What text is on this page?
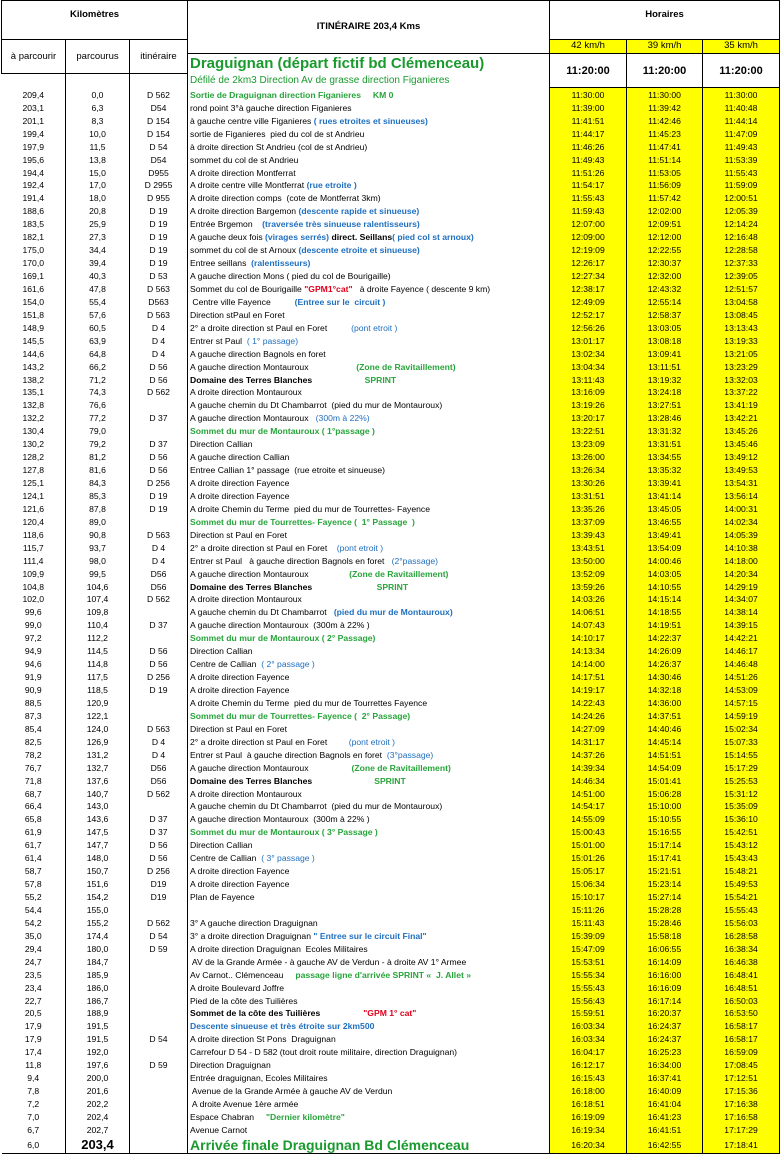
Kilomètres			ITINÉRAIRE 203,4 Kms	Horaires		
à parcourir	parcourus	itinéraire		42 km/h	39 km/h	35 km/h
			Draguignan (départ fictif bd Clémenceau)	11:20:00	11:20:00	11:20:00
			Défilé de 2km3 Direction Av de grasse direction Figanieres			
209,4	0,0	D 562	Sortie de Draguignan direction Figanieres     KM 0	11:30:00	11:30:00	11:30:00
203,1	6,3	D54	rond point 3°à gauche direction Figanieres	11:39:00	11:39:42	11:40:48
201,1	8,3	D 154	à gauche centre ville Figanieres ( rues etroites et sinueuses)	11:41:51	11:42:46	11:44:14
199,4	10,0	D 154	sortie de Figanieres  pied du col de st Andrieu	11:44:17	11:45:23	11:47:09
197,9	11,5	D 54	à droite direction St Andrieu (col de st Andrieu)	11:46:26	11:47:41	11:49:43
195,6	13,8	D54	sommet du col de st Andrieu	11:49:43	11:51:14	11:53:39
194,4	15,0	D955	A droite direction Montferrat	11:51:26	11:53:05	11:55:43
192,4	17,0	D 2955	A droite centre ville Montferrat (rue etroite )	11:54:17	11:56:09	11:59:09
191,4	18,0	D 955	A droite direction comps  (cote de Montferrat 3km)	11:55:43	11:57:42	12:00:51
188,6	20,8	D 19	A droite direction Bargemon (descente rapide et sinueuse)	11:59:43	12:02:00	12:05:39
183,5	25,9	D 19	Entrée Brgemon    (traversée très sinueuse ralentisseurs)	12:07:00	12:09:51	12:14:24
182,1	27,3	D 19	A gauche deux fois (virages serrés) direct. Seillans( pied col st arnoux)	12:09:00	12:12:00	12:16:48
175,0	34,4	D 19	sommet du col de st Arnoux (descente etroite et sinueuse)	12:19:09	12:22:55	12:28:58
170,0	39,4	D 19	Entree seillans  (ralentisseurs)	12:26:17	12:30:37	12:37:33
169,1	40,3	D 53	A gauche direction Mons ( pied du col de Bourigaille)	12:27:34	12:32:00	12:39:05
161,6	47,8	D 563	Sommet du col de Bourigaille "GPM1°cat"   à droite Fayence ( descente 9 km)	12:38:17	12:43:32	12:51:57
154,0	55,4	D563	Centre ville Fayence          (Entree sur le  circuit )	12:49:09	12:55:14	13:04:58
151,8	57,6	D 563	Direction stPaul en Foret	12:52:17	12:58:37	13:08:45
148,9	60,5	D 4	2° a droite direction st Paul en Foret          (pont etroit )	12:56:26	13:03:05	13:13:43
145,5	63,9	D 4	Entrer st Paul  ( 1° passage)	13:01:17	13:08:18	13:19:33
144,6	64,8	D 4	A gauche direction Bagnols en foret	13:02:34	13:09:41	13:21:05
143,2	66,2	D 56	A gauche direction Montauroux                    (Zone de Ravitaillement)	13:04:34	13:11:51	13:23:29
138,2	71,2	D 56	Domaine des Terres Blanches                      SPRINT	13:11:43	13:19:32	13:32:03
135,1	74,3	D 562	A droite direction Montauroux	13:16:09	13:24:18	13:37:22
132,8	76,6		A gauche chemin du Dt Chambarrot  (pied du mur de Montauroux)	13:19:26	13:27:51	13:41:19
132,2	77,2	D 37	A gauche direction Montauroux   (300m à 22%)	13:20:17	13:28:46	13:42:21
130,4	79,0		Sommet du mur de Montauroux ( 1°passage )	13:22:51	13:31:32	13:45:26
130,2	79,2	D 37	Direction Callian	13:23:09	13:31:51	13:45:46
128,2	81,2	D 56	A gauche direction Callian	13:26:00	13:34:55	13:49:12
127,8	81,6	D 56	Entree Callian 1° passage  (rue etroite et sinueuse)	13:26:34	13:35:32	13:49:53
125,1	84,3	D 256	A droite direction Fayence	13:30:26	13:39:41	13:54:31
124,1	85,3	D 19	A droite direction Fayence	13:31:51	13:41:14	13:56:14
121,6	87,8	D 19	A droite Chemin du Terme  pied du mur de Tourrettes- Fayence	13:35:26	13:45:05	14:00:31
120,4	89,0		Sommet du mur de Tourrettes- Fayence (  1° Passage  )	13:37:09	13:46:55	14:02:34
118,6	90,8	D 563	Direction st Paul en Foret	13:39:43	13:49:41	14:05:39
115,7	93,7	D 4	2° a droite direction st Paul en Foret    (pont etroit )	13:43:51	13:54:09	14:10:38
111,4	98,0	D 4	Entrer st Paul   à gauche direction Bagnols en foret   (2°passage)	13:50:00	14:00:46	14:18:00
109,9	99,5	D56	A gauche direction Montauroux                 (Zone de Ravitaillement)	13:52:09	14:03:05	14:20:34
104,8	104,6	D56	Domaine des Terres Blanches                           SPRINT	13:59:26	14:10:55	14:29:19
102,0	107,4	D 562	A droite direction Montauroux	14:03:26	14:15:14	14:34:07
99,6	109,8		A gauche chemin du Dt Chambarrot   (pied du mur de Montauroux)	14:06:51	14:18:55	14:38:14
99,0	110,4	D 37	A gauche direction Montauroux  (300m à 22% )	14:07:43	14:19:51	14:39:15
97,2	112,2		Sommet du mur de Montauroux ( 2° Passage)	14:10:17	14:22:37	14:42:21
94,9	114,5	D 56	Direction Callian	14:13:34	14:26:09	14:46:17
94,6	114,8	D 56	Centre de Callian  ( 2° passage )	14:14:00	14:26:37	14:46:48
91,9	117,5	D 256	A droite direction Fayence	14:17:51	14:30:46	14:51:26
90,9	118,5	D 19	A droite direction Fayence	14:19:17	14:32:18	14:53:09
88,5	120,9		A droite Chemin du Terme  pied du mur de Tourrettes Fayence	14:22:43	14:36:00	14:57:15
87,3	122,1		Sommet du mur de Tourrettes- Fayence (  2° Passage)	14:24:26	14:37:51	14:59:19
85,4	124,0	D 563	Direction st Paul en Foret	14:27:09	14:40:46	15:02:34
82,5	126,9	D 4	2° a droite direction st Paul en Foret         (pont etroit )	14:31:17	14:45:14	15:07:33
78,2	131,2	D 4	Entrer st Paul  à gauche direction Bagnols en foret  (3°passage)	14:37:26	14:51:51	15:14:55
76,7	132,7	D56	A gauche direction Montauroux                  (Zone de Ravitaillement)	14:39:34	14:54:09	15:17:29
71,8	137,6	D56	Domaine des Terres Blanches                          SPRINT	14:46:34	15:01:41	15:25:53
68,7	140,7	D 562	A droite direction Montauroux	14:51:00	15:06:28	15:31:12
66,4	143,0		A gauche chemin du Dt Chambarrot  (pied du mur de Montauroux)	14:54:17	15:10:00	15:35:09
65,8	143,6	D 37	A gauche direction Montauroux  (300m à 22% )	14:55:09	15:10:55	15:36:10
61,9	147,5	D 37	Sommet du mur de Montauroux ( 3° Passage )	15:00:43	15:16:55	15:42:51
61,7	147,7	D 56	Direction Callian	15:01:00	15:17:14	15:43:12
61,4	148,0	D 56	Centre de Callian  ( 3° passage )	15:01:26	15:17:41	15:43:43
58,7	150,7	D 256	A droite direction Fayence	15:05:17	15:21:51	15:48:21
57,8	151,6	D19	A droite direction Fayence	15:06:34	15:23:14	15:49:53
55,2	154,2	D19	Plan de Fayence	15:10:17	15:27:14	15:54:21
54,4	155,0			15:11:26	15:28:28	15:55:43
54,2	155,2	D 562	3° A gauche direction Draguignan	15:11:43	15:28:46	15:56:03
35,0	174,4	D 54	3° a droite direction Draguignan " Entree sur le circuit Final"	15:39:09	15:58:18	16:28:58
29,4	180,0	D 59	A droite direction Draguignan  Ecoles Militaires	15:47:09	16:06:55	16:38:34
24,7	184,7		AV de la Grande Armée - à gauche AV de Verdun - à droite AV 1° Armee	15:53:51	16:14:09	16:46:38
23,5	185,9		Av Carnot.. Clémenceau     passage ligne d'arrivée SPRINT «  J. Allet »	15:55:34	16:16:00	16:48:41
23,4	186,0		A droite Boulevard Joffre	15:55:43	16:16:09	16:48:51
22,7	186,7		Pied de la côte des Tuilières	15:56:43	16:17:14	16:50:03
20,5	188,9		Sommet de la côte des Tuilières                  "GPM 1° cat"	15:59:51	16:20:37	16:53:50
17,9	191,5		Descente sinueuse et très étroite sur 2km500	16:03:34	16:24:37	16:58:17
17,9	191,5	D 54	A droite direction St Pons  Draguignan	16:03:34	16:24:37	16:58:17
17,4	192,0		Carrefour D 54 - D 582 (tout droit route militaire, direction Draguignan)	16:04:17	16:25:23	16:59:09
11,8	197,6	D 59	Direction Draguignan	16:12:17	16:34:00	17:08:45
9,4	200,0		Entrée draguignan, Ecoles Militaires	16:15:43	16:37:41	17:12:51
7,8	201,6		Avenue de la Grande Armée à gauche AV de Verdun	16:18:00	16:40:09	17:15:36
7,2	202,2		A droite Avenue 1ère armée	16:18:51	16:41:04	17:16:38
7,0	202,4		Espace Chabran     "Dernier kilomètre"	16:19:09	16:41:23	17:16:58
6,7	202,7		Avenue Carnot	16:19:34	16:41:51	17:17:29
6,0	203,4		Arrivée finale Draguignan Bd Clémenceau	16:20:34	16:42:55	17:18:41
